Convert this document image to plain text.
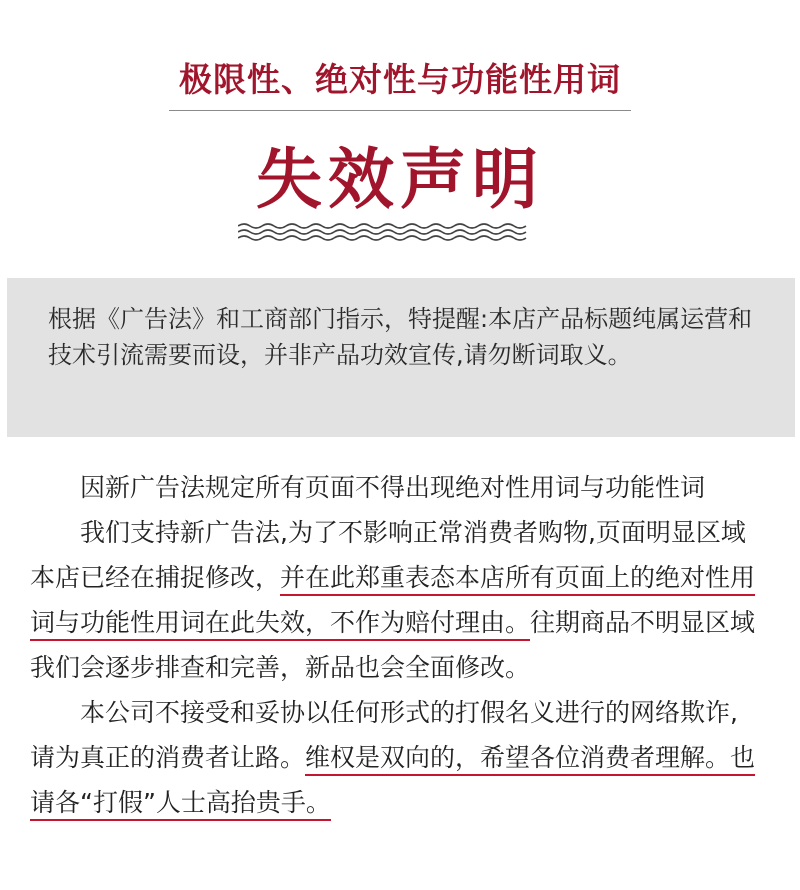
极限性、绝对性与功能性用词
失效声明

根据《广告法》和工商部门指示，特提醒:本店产品标题纯属运营和技术引流需要而设，并非产品功效宣传,请勿断词取义。

因新广告法规定所有页面不得出现绝对性用词与功能性词

我们支持新广告法,为了不影响正常消费者购物,页面明显区域本店已经在捕捉修改，并在此郑重表态本店所有页面上的绝对性用词与功能性用词在此失效，不作为赔付理由。往期商品不明显区域我们会逐步排查和完善，新品也会全面修改。

本公司不接受和妥协以任何形式的打假名义进行的网络欺诈,请为真正的消费者让路。维权是双向的，希望各位消费者理解。也请各“打假”人士高抬贵手。
